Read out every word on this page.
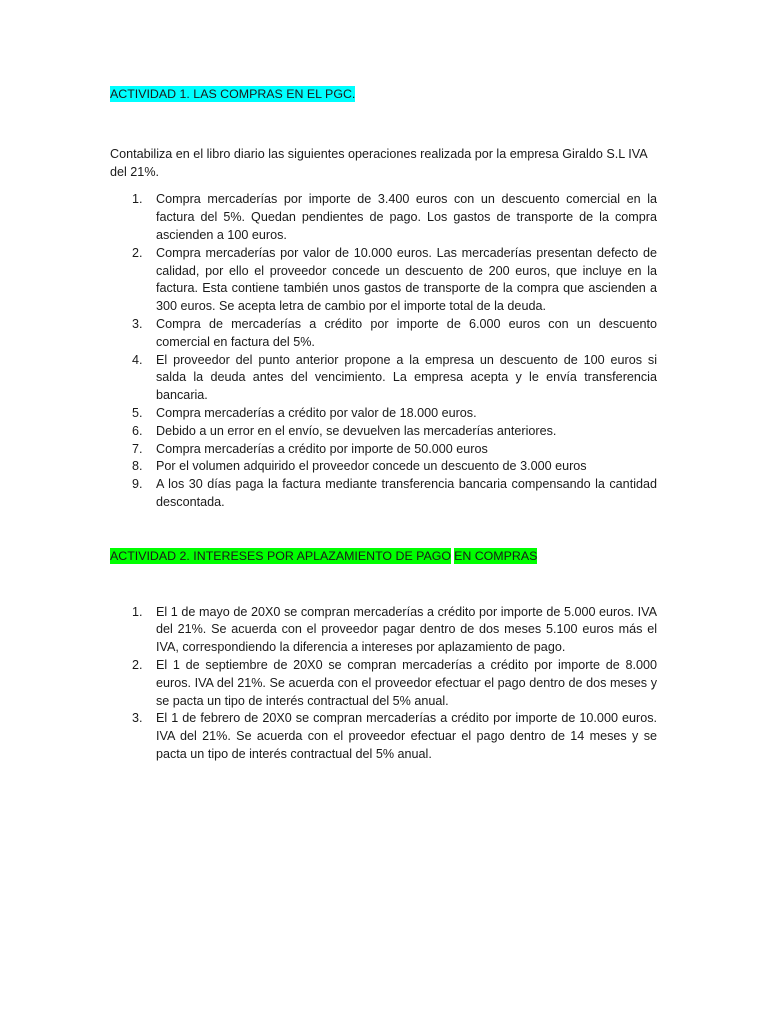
ACTIVIDAD 1. LAS COMPRAS EN EL PGC.

Contabiliza en el libro diario las siguientes operaciones realizada por la empresa Giraldo S.L IVA del 21%.

1.	Compra mercaderías por importe de 3.400 euros con un descuento comercial en la factura del 5%. Quedan pendientes de pago. Los gastos de transporte de la compra ascienden a 100 euros.
2.	Compra mercaderías por valor de 10.000 euros. Las mercaderías presentan defecto de calidad, por ello el proveedor concede un descuento de 200 euros, que incluye en la factura. Esta contiene también unos gastos de transporte de la compra que ascienden a 300 euros. Se acepta letra de cambio por el importe total de la deuda.
3.	Compra de mercaderías a crédito por importe de 6.000 euros con un descuento comercial en factura del 5%.
4.	El proveedor del punto anterior propone a la empresa un descuento de 100 euros si salda la deuda antes del vencimiento. La empresa acepta y le envía transferencia bancaria.
5.	Compra mercaderías a crédito por valor de 18.000 euros.
6.	Debido a un error en el envío, se devuelven las mercaderías anteriores.
7.	Compra mercaderías a crédito por importe de 50.000 euros
8.	Por el volumen adquirido el proveedor concede un descuento de 3.000 euros
9.	A los 30 días paga la factura mediante transferencia bancaria compensando la cantidad descontada.
ACTIVIDAD 2. INTERESES POR APLAZAMIENTO DE PAGO EN COMPRAS
1.	El 1 de mayo de 20X0 se compran mercaderías a crédito por importe de 5.000 euros. IVA del 21%. Se acuerda con el proveedor pagar dentro de dos meses 5.100 euros más el IVA, correspondiendo la diferencia a intereses por aplazamiento de pago.
2.	El 1 de septiembre de 20X0 se compran mercaderías a crédito por importe de 8.000 euros. IVA del 21%. Se acuerda con el proveedor efectuar el pago dentro de dos meses y se pacta un tipo de interés contractual del 5% anual.
3.	El 1 de febrero de 20X0 se compran mercaderías a crédito por importe de 10.000 euros. IVA del 21%. Se acuerda con el proveedor efectuar el pago dentro de 14 meses y se pacta un tipo de interés contractual del 5% anual.
